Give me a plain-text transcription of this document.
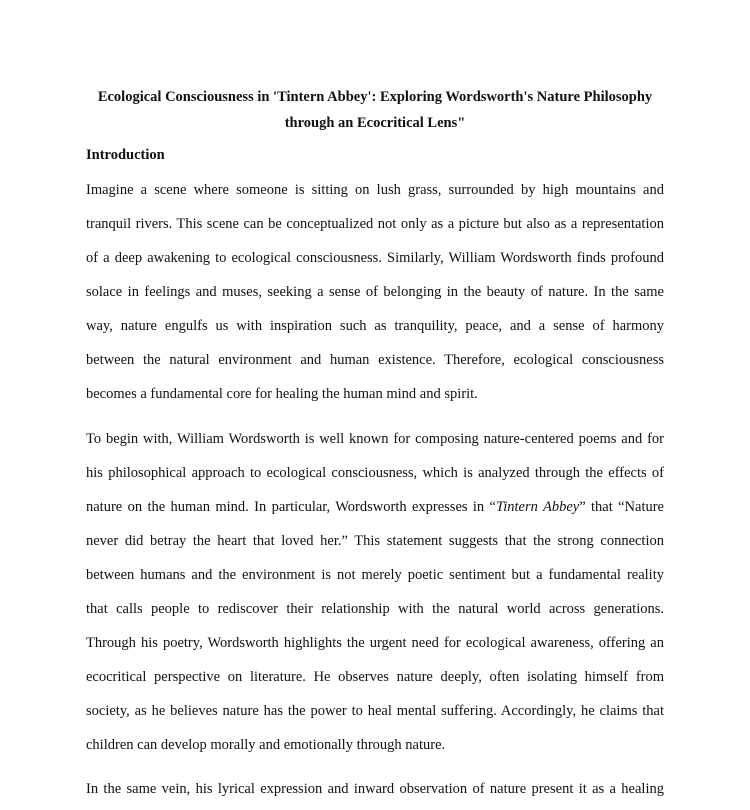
Ecological Consciousness in 'Tintern Abbey': Exploring Wordsworth's Nature Philosophy
through an Ecocritical Lens"
Introduction
Imagine a scene where someone is sitting on lush grass, surrounded by high mountains and
tranquil rivers. This scene can be conceptualized not only as a picture but also as a representation
of a deep awakening to ecological consciousness. Similarly, William Wordsworth finds profound
solace in feelings and muses, seeking a sense of belonging in the beauty of nature. In the same
way, nature engulfs us with inspiration such as tranquility, peace, and a sense of harmony
between the natural environment and human existence. Therefore, ecological consciousness
becomes a fundamental core for healing the human mind and spirit.
To begin with, William Wordsworth is well known for composing nature-centered poems and for
his philosophical approach to ecological consciousness, which is analyzed through the effects of
nature on the human mind. In particular, Wordsworth expresses in “Tintern Abbey” that “Nature
never did betray the heart that loved her.” This statement suggests that the strong connection
between humans and the environment is not merely poetic sentiment but a fundamental reality
that calls people to rediscover their relationship with the natural world across generations.
Through his poetry, Wordsworth highlights the urgent need for ecological awareness, offering an
ecocritical perspective on literature. He observes nature deeply, often isolating himself from
society, as he believes nature has the power to heal mental suffering. Accordingly, he claims that
children can develop morally and emotionally through nature.
In the same vein, his lyrical expression and inward observation of nature present it as a healing
